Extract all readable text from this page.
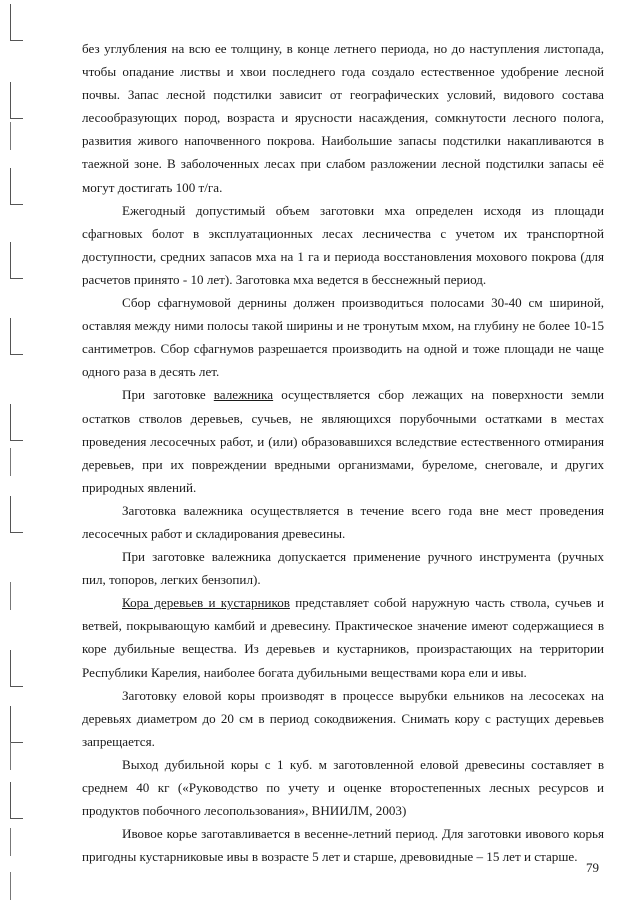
без углубления на всю ее толщину, в конце летнего периода, но до наступления листопада, чтобы опадание листвы и хвои последнего года создало естественное удобрение лесной почвы. Запас лесной подстилки зависит от географических условий, видового состава лесообразующих пород, возраста и ярусности насаждения, сомкнутости лесного полога, развития живого напочвенного покрова. Наибольшие запасы подстилки накапливаются в таежной зоне. В заболоченных лесах при слабом разложении лесной подстилки запасы её могут достигать 100 т/га.

Ежегодный допустимый объем заготовки мха определен исходя из площади сфагновых болот в эксплуатационных лесах лесничества с учетом их транспортной доступности, средних запасов мха на 1 га и периода восстановления мохового покрова (для расчетов принято - 10 лет). Заготовка мха ведется в бесснежный период.

Сбор сфагнумовой дернины должен производиться полосами 30-40 см шириной, оставляя между ними полосы такой ширины и не тронутым мхом, на глубину не более 10-15 сантиметров. Сбор сфагнумов разрешается производить на одной и тоже площади не чаще одного раза в десять лет.

При заготовке валежника осуществляется сбор лежащих на поверхности земли остатков стволов деревьев, сучьев, не являющихся порубочными остатками в местах проведения лесосечных работ, и (или) образовавшихся вследствие естественного отмирания деревьев, при их повреждении вредными организмами, буреломе, снеговале, и других природных явлений.

Заготовка валежника осуществляется в течение всего года вне мест проведения лесосечных работ и складирования древесины.

При заготовке валежника допускается применение ручного инструмента (ручных пил, топоров, легких бензопил).

Кора деревьев и кустарников представляет собой наружную часть ствола, сучьев и ветвей, покрывающую камбий и древесину. Практическое значение имеют содержащиеся в коре дубильные вещества. Из деревьев и кустарников, произрастающих на территории Республики Карелия, наиболее богата дубильными веществами кора ели и ивы.

Заготовку еловой коры производят в процессе вырубки ельников на лесосеках на деревьях диаметром до 20 см в период сокодвижения. Снимать кору с растущих деревьев запрещается.

Выход дубильной коры с 1 куб. м заготовленной еловой древесины составляет в среднем 40 кг («Руководство по учету и оценке второстепенных лесных ресурсов и продуктов побочного лесопользования», ВНИИЛМ, 2003)

Ивовое корье заготавливается в весенне-летний период. Для заготовки ивового корья пригодны кустарниковые ивы в возрасте 5 лет и старше, древовидные – 15 лет и старше.

79
